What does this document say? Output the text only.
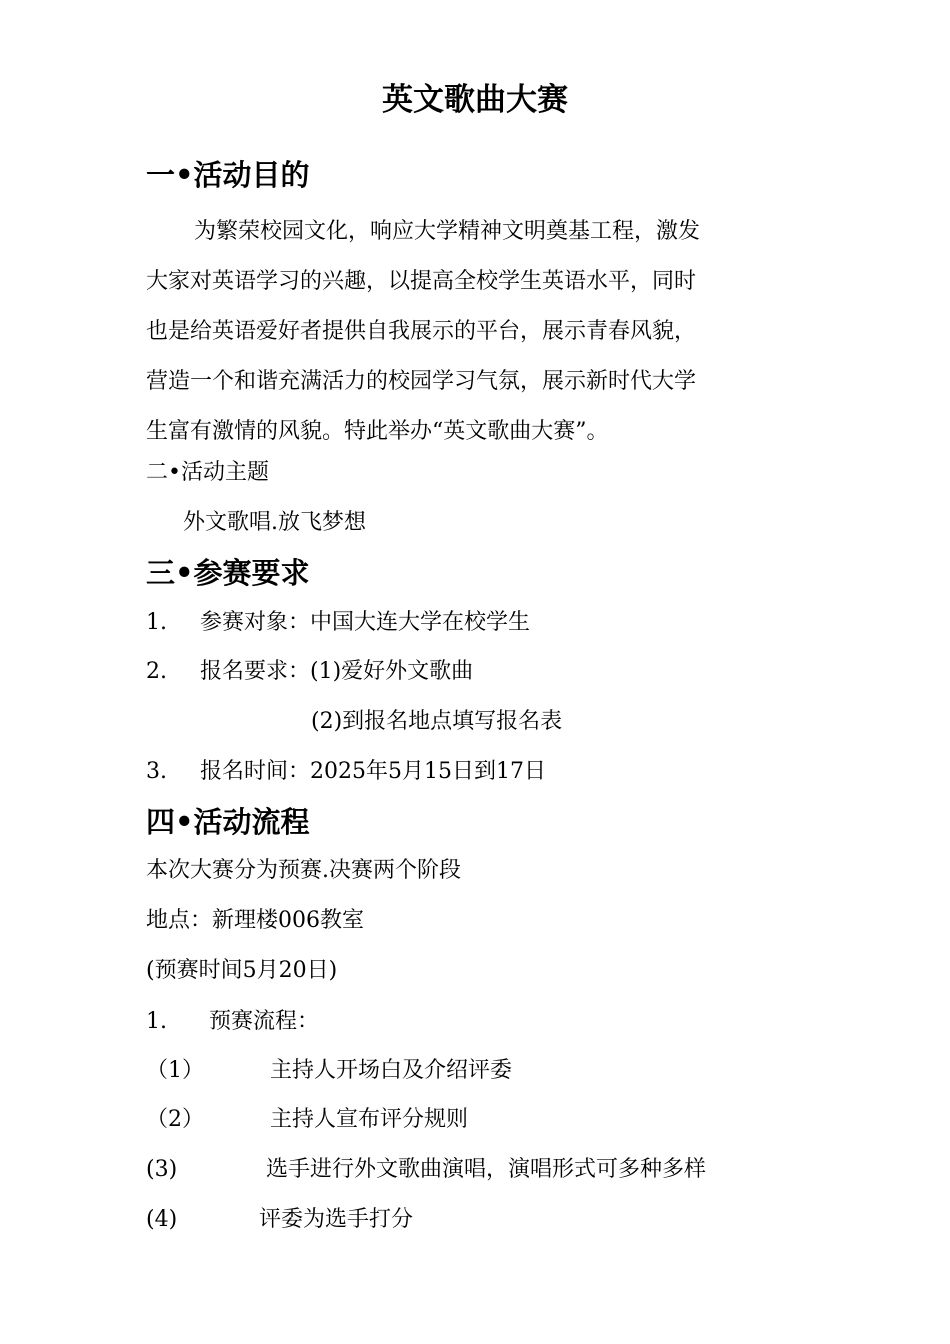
英文歌曲大赛
一•活动目的
为繁荣校园文化，响应大学精神文明奠基工程，激发
大家对英语学习的兴趣，以提高全校学生英语水平，同时
也是给英语爱好者提供自我展示的平台，展示青春风貌，
营造一个和谐充满活力的校园学习气氛，展示新时代大学
生富有激情的风貌。特此举办“英文歌曲大赛”。
二•活动主题
外文歌唱.放飞梦想
三•参赛要求
1. 参赛对象：中国大连大学在校学生
2. 报名要求：(1)爱好外文歌曲
(2)到报名地点填写报名表
3. 报名时间：2025年5月15日到17日
四•活动流程
本次大赛分为预赛.决赛两个阶段
地点：新理楼006教室
(预赛时间5月20日)
1. 预赛流程：
（1）	主持人开场白及介绍评委
（2）	主持人宣布评分规则
(3)	选手进行外文歌曲演唱，演唱形式可多种多样
(4)	评委为选手打分
